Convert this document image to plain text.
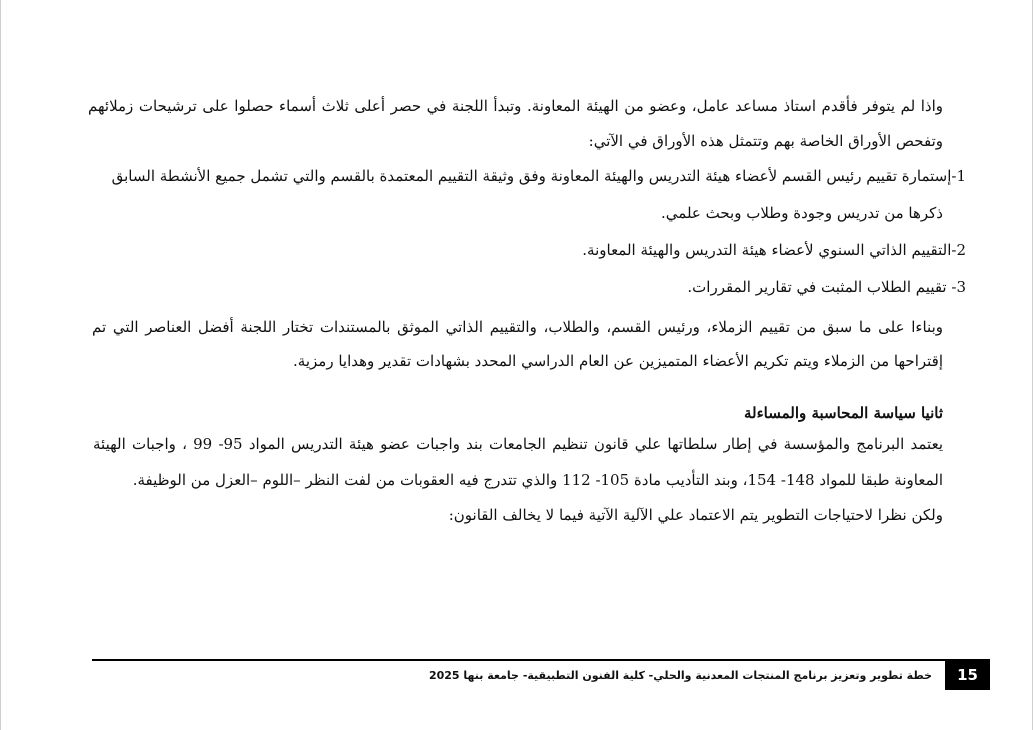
واذا لم يتوفر فأقدم استاذ مساعد عامل، وعضو من الهيئة المعاونة. وتبدأ اللجنة في حصر أعلى ثلاث أسماء حصلوا على ترشيحات زملائهم
وتفحص الأوراق الخاصة بهم وتتمثل هذه الأوراق في الآتي:
1-إستمارة تقييم رئيس القسم لأعضاء هيئة التدريس والهيئة المعاونة وفق وثيقة التقييم المعتمدة بالقسم والتي تشمل جميع الأنشطة السابق
ذكرها من تدريس وجودة وطلاب وبحث علمي.
2-التقييم الذاتي السنوي لأعضاء هيئة التدريس والهيئة المعاونة.
3- تقييم الطلاب المثبت في تقارير المقررات.
وبناءا على ما سبق من تقييم الزملاء، ورئيس القسم، والطلاب، والتقييم الذاتي الموثق بالمستندات تختار اللجنة أفضل العناصر التي تم
إقتراحها من الزملاء ويتم تكريم الأعضاء المتميزين عن العام الدراسي المحدد بشهادات تقدير وهدايا رمزية.
ثانيا سياسة المحاسبة والمساءلة
يعتمد البرنامج والمؤسسة في إطار سلطاتها علي قانون تنظيم الجامعات بند واجبات عضو هيئة التدريس المواد 95- 99 ، واجبات الهيئة
المعاونة طبقا للمواد 148- 154، وبند التأديب مادة 105- 112 والذي تتدرج فيه العقوبات من لفت النظر –اللوم –العزل من الوظيفة.
ولكن نظرا لاحتياجات التطوير يتم الاعتماد علي الآلية الآتية فيما لا يخالف القانون:
15
خطة تطوير وتعزيز برنامج المنتجات المعدنية والحلي- كلية الفنون التطبيقية- جامعة بنها 2025
